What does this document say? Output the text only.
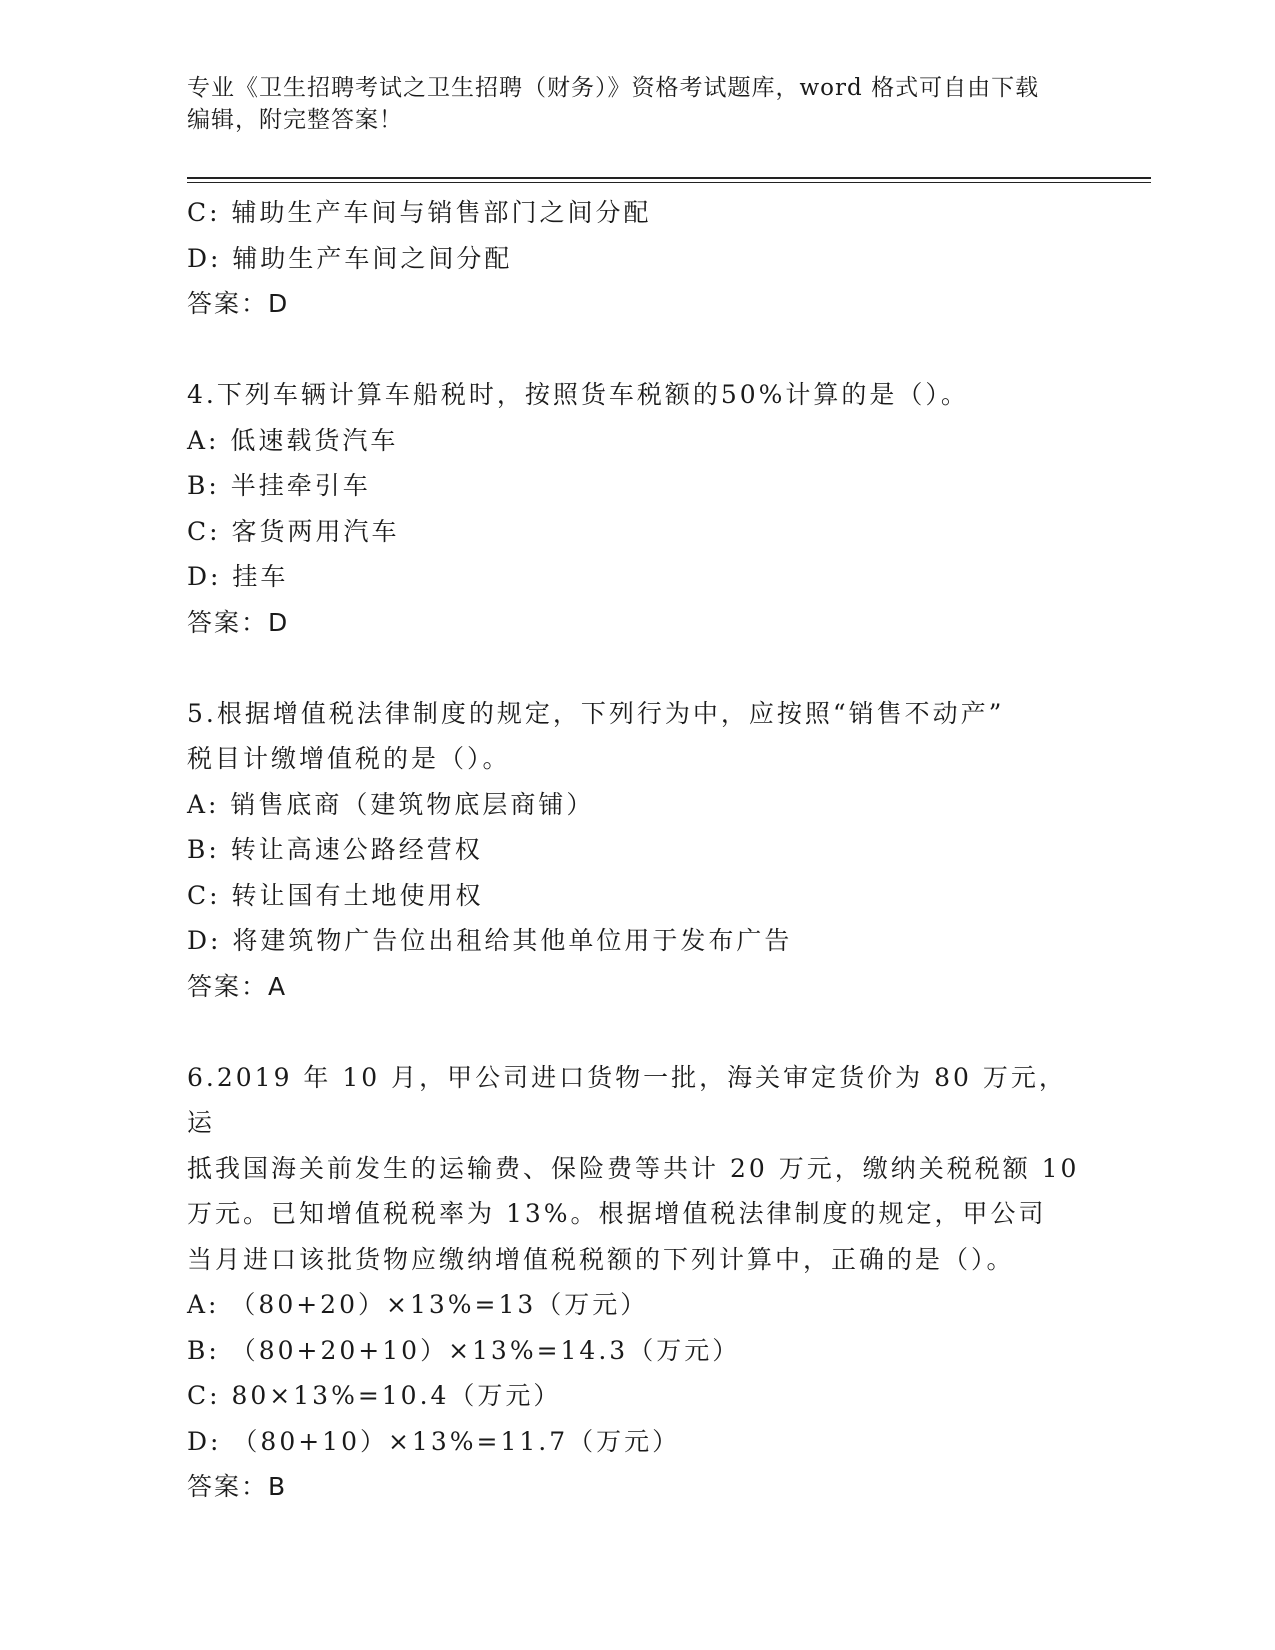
专业《卫生招聘考试之卫生招聘（财务）》资格考试题库，word 格式可自由下载
编辑，附完整答案！
C: 辅助生产车间与销售部门之间分配
D: 辅助生产车间之间分配
答案：D
4.下列车辆计算车船税时，按照货车税额的50%计算的是（）。
A: 低速载货汽车
B: 半挂牵引车
C: 客货两用汽车
D: 挂车
答案：D
5.根据增值税法律制度的规定，下列行为中，应按照“销售不动产”
税目计缴增值税的是（）。
A: 销售底商（建筑物底层商铺）
B: 转让高速公路经营权
C: 转让国有土地使用权
D: 将建筑物广告位出租给其他单位用于发布广告
答案：A
6.2019 年 10 月，甲公司进口货物一批，海关审定货价为 80 万元，运
抵我国海关前发生的运输费、保险费等共计 20 万元，缴纳关税税额 10
万元。已知增值税税率为 13%。根据增值税法律制度的规定，甲公司
当月进口该批货物应缴纳增值税税额的下列计算中，正确的是（）。
A: （80+20）×13%=13（万元）
B: （80+20+10）×13%=14.3（万元）
C: 80×13%=10.4（万元）
D: （80+10）×13%=11.7（万元）
答案：B
